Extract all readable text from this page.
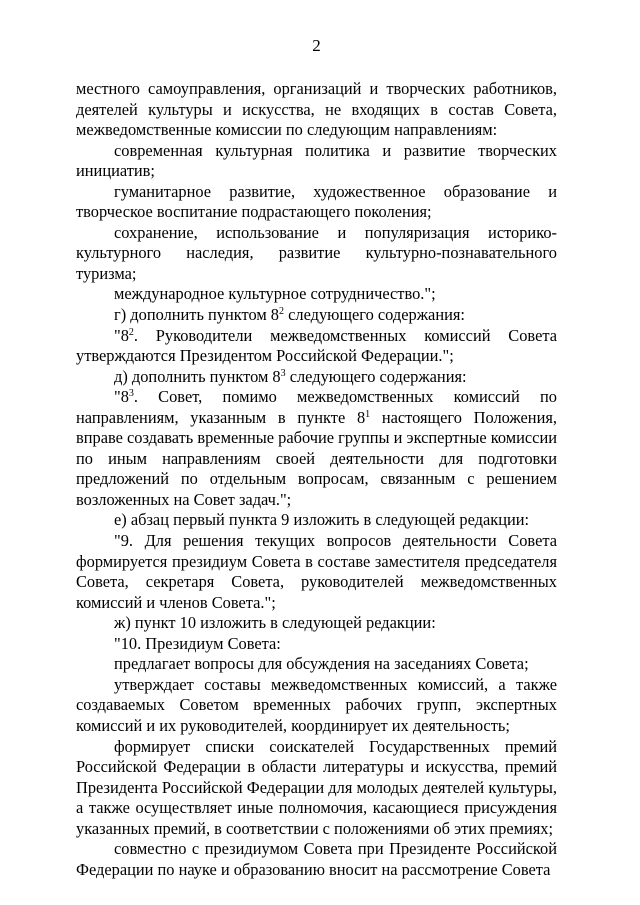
2

местного самоуправления, организаций и творческих работников, деятелей культуры и искусства, не входящих в состав Совета, межведомственные комиссии по следующим направлениям:

современная культурная политика и развитие творческих инициатив;

гуманитарное развитие, художественное образование и творческое воспитание подрастающего поколения;

сохранение, использование и популяризация историко-культурного наследия, развитие культурно-познавательного туризма;

международное культурное сотрудничество.";

г) дополнить пунктом $8^2$ следующего содержания:

"$8^2$. Руководители межведомственных комиссий Совета утверждаются Президентом Российской Федерации.";

д) дополнить пунктом $8^3$ следующего содержания:

"$8^3$. Совет, помимо межведомственных комиссий по направлениям, указанным в пункте $8^1$ настоящего Положения, вправе создавать временные рабочие группы и экспертные комиссии по иным направлениям своей деятельности для подготовки предложений по отдельным вопросам, связанным с решением возложенных на Совет задач.";

е) абзац первый пункта 9 изложить в следующей редакции:

"9. Для решения текущих вопросов деятельности Совета формируется президиум Совета в составе заместителя председателя Совета, секретаря Совета, руководителей межведомственных комиссий и членов Совета.";

ж) пункт 10 изложить в следующей редакции:

"10. Президиум Совета:

предлагает вопросы для обсуждения на заседаниях Совета;

утверждает составы межведомственных комиссий, а также создаваемых Советом временных рабочих групп, экспертных комиссий и их руководителей, координирует их деятельность;

формирует списки соискателей Государственных премий Российской Федерации в области литературы и искусства, премий Президента Российской Федерации для молодых деятелей культуры, а также осуществляет иные полномочия, касающиеся присуждения указанных премий, в соответствии с положениями об этих премиях;

совместно с президиумом Совета при Президенте Российской Федерации по науке и образованию вносит на рассмотрение Совета
